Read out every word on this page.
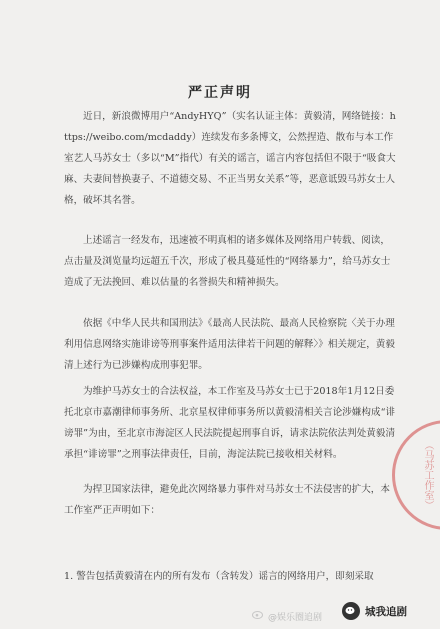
严正声明

近日，新浪微博用户“AndyHYQ”（实名认证主体：黄毅清，网络链接：https://weibo.com/mcdaddy）连续发布多条博文，公然捏造、散布与本工作室艺人马苏女士（多以“M”指代）有关的谣言，谣言内容包括但不限于“吸食大麻、夫妻间替换妻子、不道德交易、不正当男女关系”等，恶意诋毁马苏女士人格，破坏其名誉。

上述谣言一经发布，迅速被不明真相的诸多媒体及网络用户转载、阅读，点击量及浏览量均远超五千次，形成了极具蔓延性的“网络暴力”，给马苏女士造成了无法挽回、难以估量的名誉损失和精神损失。

依据《中华人民共和国刑法》《最高人民法院、最高人民检察院〈关于办理利用信息网络实施诽谤等刑事案件适用法律若干问题的解释〉》相关规定，黄毅清上述行为已涉嫌构成刑事犯罪。

为维护马苏女士的合法权益，本工作室及马苏女士已于2018年1月12日委托北京市嘉潮律师事务所、北京星权律师事务所以黄毅清相关言论涉嫌构成“诽谤罪”为由，至北京市海淀区人民法院提起刑事自诉，请求法院依法判处黄毅清承担“诽谤罪”之刑事法律责任，目前，海淀法院已接收相关材料。

为捍卫国家法律，避免此次网络暴力事件对马苏女士不法侵害的扩大，本工作室严正声明如下：

1. 警告包括黄毅清在内的所有发布（含转发）谣言的网络用户，即刻采取

（马苏工作室）
@娱乐圈追剧
城我追剧
